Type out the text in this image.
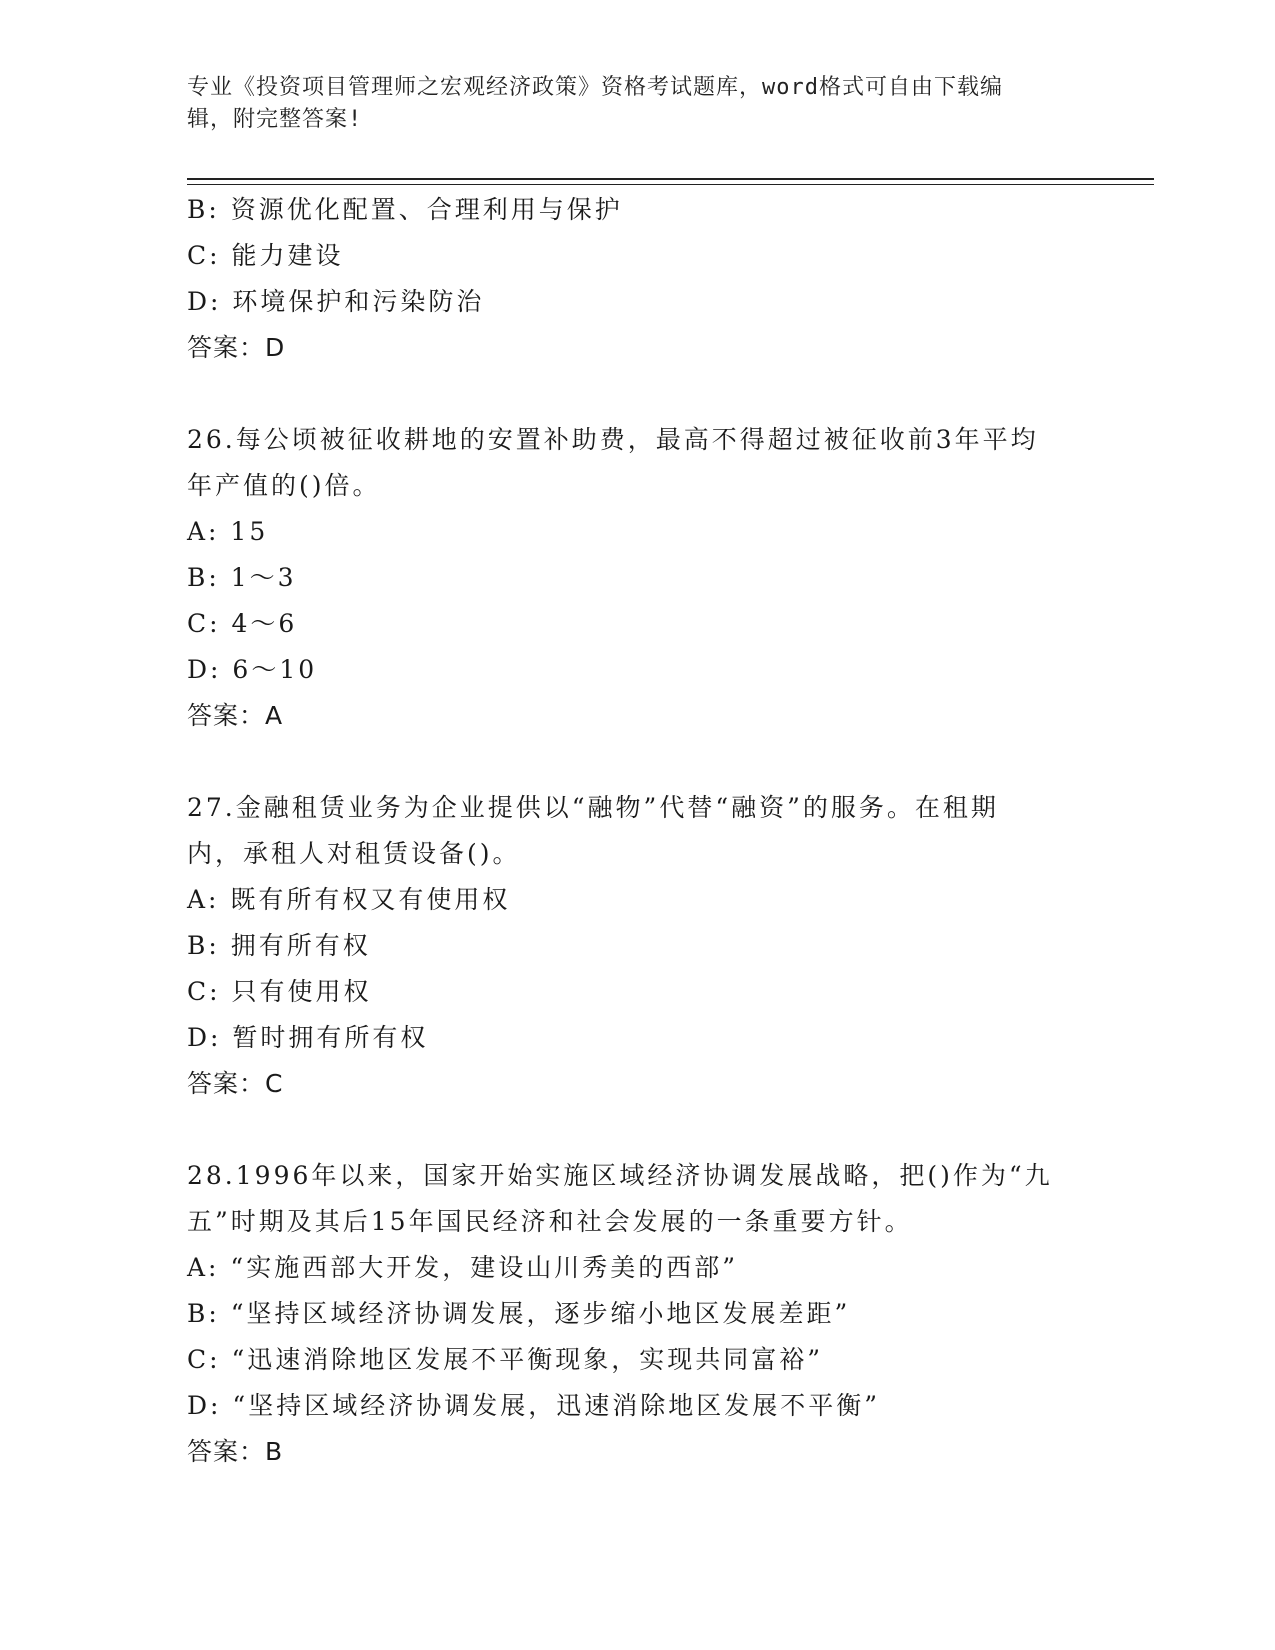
专业《投资项目管理师之宏观经济政策》资格考试题库，word格式可自由下载编
辑，附完整答案!
B: 资源优化配置、合理利用与保护
C: 能力建设
D: 环境保护和污染防治
答案：D
26.每公顷被征收耕地的安置补助费，最高不得超过被征收前3年平均
年产值的()倍。
A: 15
B: 1～3
C: 4～6
D: 6～10
答案：A
27.金融租赁业务为企业提供以“融物”代替“融资”的服务。在租期
内，承租人对租赁设备()。
A: 既有所有权又有使用权
B: 拥有所有权
C: 只有使用权
D: 暂时拥有所有权
答案：C
28.1996年以来，国家开始实施区域经济协调发展战略，把()作为“九
五”时期及其后15年国民经济和社会发展的一条重要方针。
A: “实施西部大开发，建设山川秀美的西部”
B: “坚持区域经济协调发展，逐步缩小地区发展差距”
C: “迅速消除地区发展不平衡现象，实现共同富裕”
D: “坚持区域经济协调发展，迅速消除地区发展不平衡”
答案：B
